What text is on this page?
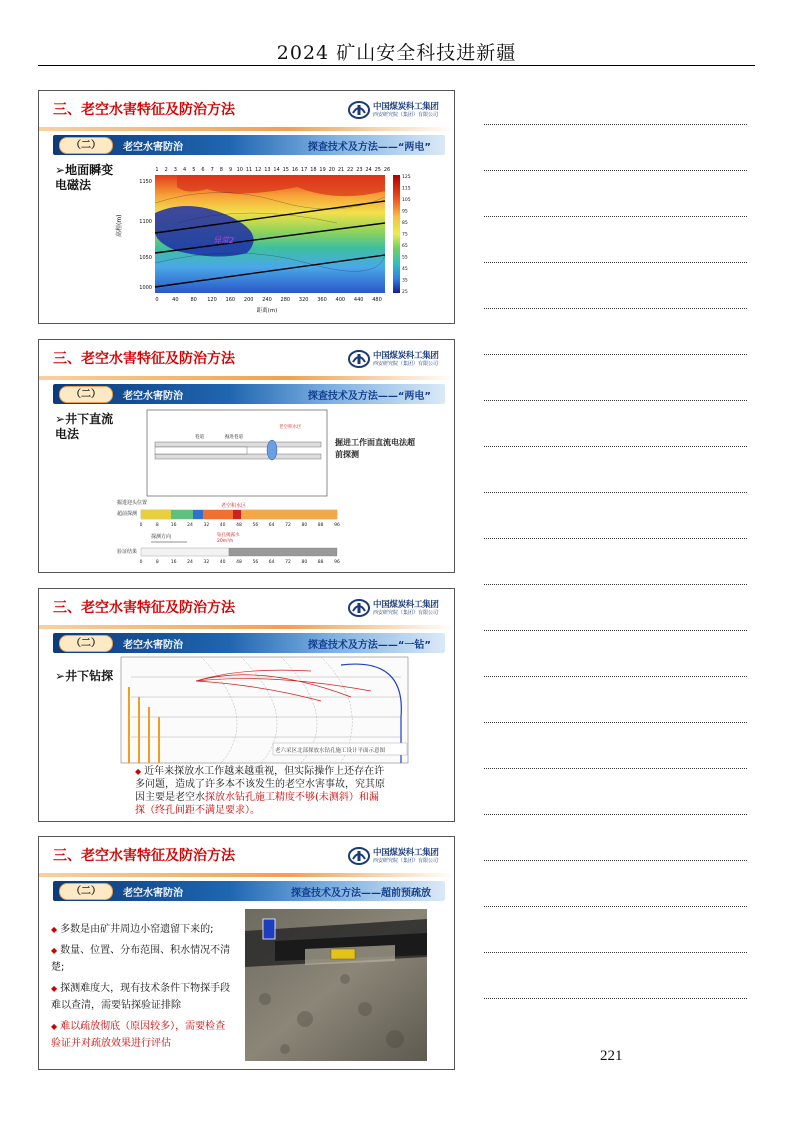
2024 矿山安全科技进新疆
三、老空水害特征及防治方法	中国煤炭科工集团
西安研究院（集团）有限公司
（二）	老空水害防治	探查技术及方法——“两电”
➢地面瞬变电磁法
1 2 3 4 5 6 7 8 9 10 11 12 13 14 15 16 17 18 19 20 21 22 23 24 25 26
高程(m)
异常2
1150
1100
1050
1000
0	40 80 120 160 200 240 280 320 360 400 440 480
距离(m)
125
115
105
95
85
75
65
55
45
35
25
三、老空水害特征及防治方法	中国煤炭科工集团
西安研究院（集团）有限公司
（二）	老空水害防治	探查技术及方法——“两电”
➢井下直流电法	巷道	掘进巷道
老空积水区
掘进工作面直流电法超前探测
掘进迎头位置
超前探测
老空积水区
0	8	16 24 32 40 48 56 64 72 80 88 96
探测方向	钻孔揭露水
20m³/h
验证结果
0	8	16 24 32 40 48 56 64 72 80 88 96
三、老空水害特征及防治方法	中国煤炭科工集团
西安研究院（集团）有限公司
（二）	老空水害防治	探查技术及方法——“一钻”
➢井下钻探
老六采区北部探放水钻孔施工设计平面示意图
◆ 近年来探放水工作越来越重视，但实际操作上还存在许多问题，造成了许多本不该发生的老空水害事故，究其原因主要是老空水探放水钻孔施工精度不够(未测斜）和漏探（终孔间距不满足要求）。
三、老空水害特征及防治方法	中国煤炭科工集团
西安研究院（集团）有限公司
（二）	老空水害防治	探查技术及方法——超前预疏放
◆ 多数是由矿井周边小窑遗留下来的;
◆ 数量、位置、分布范围、积水情况不清楚;
◆ 探测难度大，现有技术条件下物探手段难以查清，需要钻探验证排除
◆ 难以疏放彻底（原因较多），需要检查验证并对疏放效果进行评估
221
